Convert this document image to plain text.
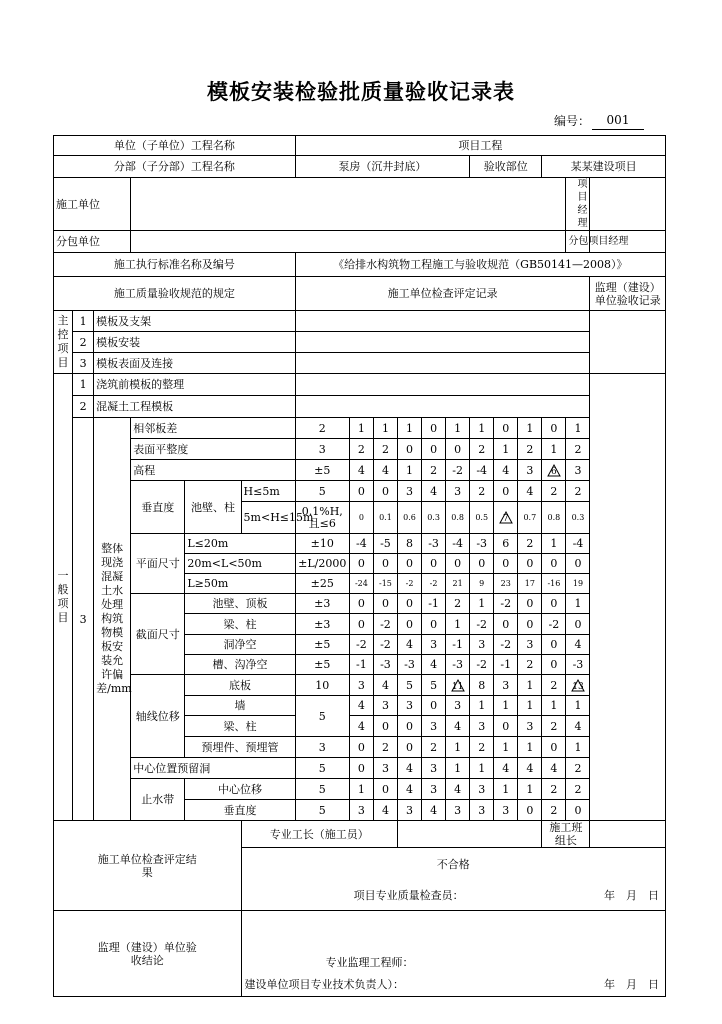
模板安装检验批质量验收记录表
编号：	001
单位（子单位）工程名称						项目工程											
分部（子分部）工程名称						泵房（沉井封底）						验收部位			某某建设项目		
施工单位																项目经理	
分包单位																分包项目经理	
施工执行标准名称及编号						《给排水构筑物工程施工与验收规范（GB50141—2008）》											
施工质量验收规范的规定						施工单位检查评定记录											监理（建设）单位验收记录
主控项目	1	模板及支架															
	2	模板安装															
	3	模板表面及连接															
一般项目	1	浇筑前模板的整理															
	2	混凝土工程模板															
	3	整体现浇混凝土水处理构筑物模板安装允许偏差/mm	相邻板差			2	1	1	1	0	1	1	0	1	0	1	
			表面平整度			3	2	2	0	0	0	2	1	2	1	2	
			高程			±5	4	4	1	2	-2	-4	4	3	6	3	
			垂直度	池壁、柱	H≤5m	5	0	0	3	4	3	2	0	4	2	2	
					5m<H≤15m	0.1%H,且≤6	0	0.1	0.6	0.3	0.8	0.5	7	0.7	0.8	0.3	
			平面尺寸	L≤20m		±10	-4	-5	8	-3	-4	-3	6	2	1	-4	
				20m<L<50m		±L/2000	0	0	0	0	0	0	0	0	0	0	
				L≥50m		±25	-24	-15	-2	-2	21	9	23	17	-16	19	
			截面尺寸	池壁、顶板		±3	0	0	0	-1	2	1	-2	0	0	1	
				梁、柱		±3	0	-2	0	0	1	-2	0	0	-2	0	
				洞净空		±5	-2	-2	4	3	-1	3	-2	3	0	4	
				槽、沟净空		±5	-1	-3	-3	4	-3	-2	-1	2	0	-3	
			轴线位移	底板		10	3	4	5	5	11	8	3	1	2	13	

				墙		5	4	3	3	0	3	1	1	1	1	1	
				梁、柱			4	0	0	3	4	3	0	3	2	4	
				预埋件、预埋管		3	0	2	0	2	1	2	1	1	0	1	
			中心位置预留洞			5	0	3	4	3	1	1	4	4	4	2	
			止水带	中心位移		5	1	0	4	3	4	3	1	1	2	2	
				垂直度		5	3	4	3	4	3	3	3	0	2	0	
施工单位检查评定结果					专业工长（施工员）										施工班组长		
					不合格												
					项目专业质量检查员：									年　月　日			
监理（建设）单位验收结论																	
					专业监理工程师：												
					建设单位项目专业技术负责人）：									年　月　日			
